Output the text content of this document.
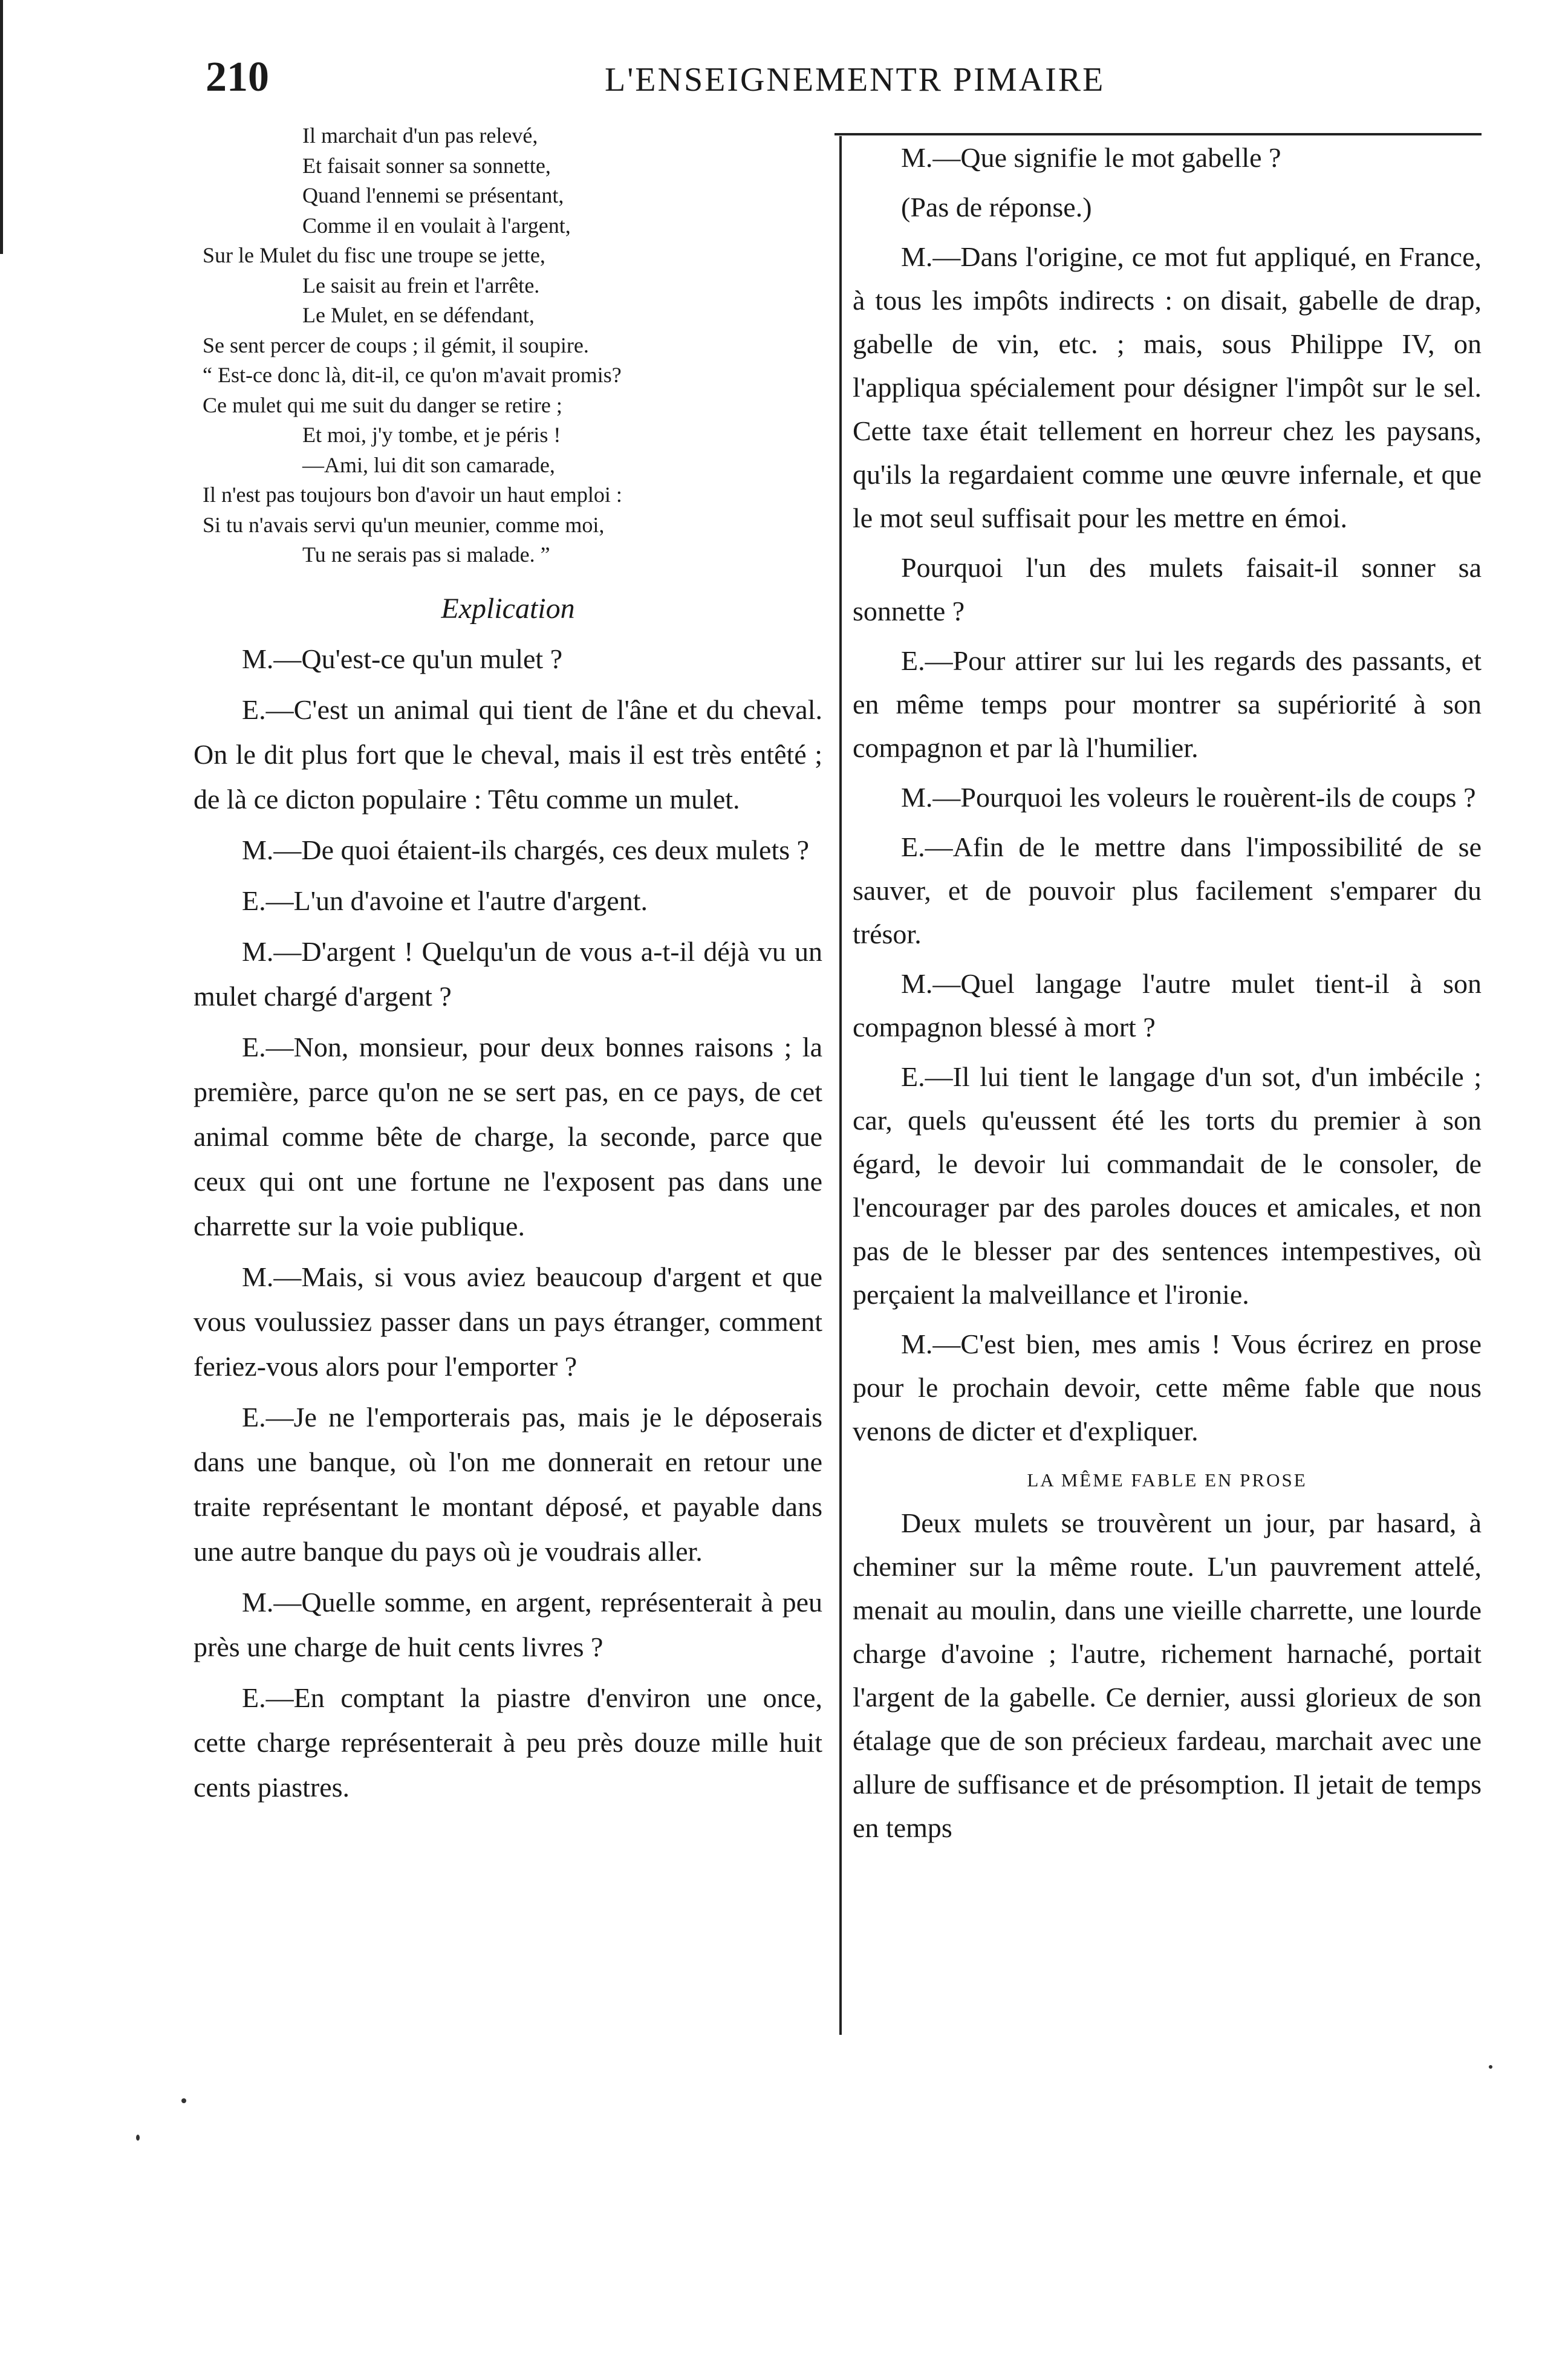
210	L'ENSEIGNEMENTR PIMAIRE
Il marchait d'un pas relevé,
Et faisait sonner sa sonnette,
Quand l'ennemi se présentant,
Comme il en voulait à l'argent,
Sur le Mulet du fisc une troupe se jette,
Le saisit au frein et l'arrête.
Le Mulet, en se défendant,
Se sent percer de coups ; il gémit, il soupire.
“ Est-ce donc là, dit-il, ce qu'on m'avait promis?
Ce mulet qui me suit du danger se retire ;
Et moi, j'y tombe, et je péris !
—Ami, lui dit son camarade,
Il n'est pas toujours bon d'avoir un haut emploi :
Si tu n'avais servi qu'un meunier, comme moi,
Tu ne serais pas si malade. ”
Explication

M.—Qu'est-ce qu'un mulet ?

E.—C'est un animal qui tient de l'âne et du cheval. On le dit plus fort que le cheval, mais il est très entêté ; de là ce dicton populaire : Têtu comme un mulet.

M.—De quoi étaient-ils chargés, ces deux mulets ?

E.—L'un d'avoine et l'autre d'argent.

M.—D'argent ! Quelqu'un de vous a-t-il déjà vu un mulet chargé d'argent ?

E.—Non, monsieur, pour deux bonnes raisons ; la première, parce qu'on ne se sert pas, en ce pays, de cet animal comme bête de charge, la seconde, parce que ceux qui ont une fortune ne l'exposent pas dans une charrette sur la voie publique.

M.—Mais, si vous aviez beaucoup d'argent et que vous voulussiez passer dans un pays étranger, comment feriez-vous alors pour l'emporter ?

E.—Je ne l'emporterais pas, mais je le déposerais dans une banque, où l'on me donnerait en retour une traite représentant le montant déposé, et payable dans une autre banque du pays où je voudrais aller.

M.—Quelle somme, en argent, représenterait à peu près une charge de huit cents livres ?

E.—En comptant la piastre d'environ une once, cette charge représenterait à peu près douze mille huit cents piastres.

M.—Que signifie le mot gabelle ?

(Pas de réponse.)

M.—Dans l'origine, ce mot fut appliqué, en France, à tous les impôts indirects : on disait, gabelle de drap, gabelle de vin, etc. ; mais, sous Philippe IV, on l'appliqua spécialement pour désigner l'impôt sur le sel. Cette taxe était tellement en horreur chez les paysans, qu'ils la regardaient comme une œuvre infernale, et que le mot seul suffisait pour les mettre en émoi.

Pourquoi l'un des mulets faisait-il sonner sa sonnette ?

E.—Pour attirer sur lui les regards des passants, et en même temps pour montrer sa supériorité à son compagnon et par là l'humilier.

M.—Pourquoi les voleurs le rouèrent-ils de coups ?

E.—Afin de le mettre dans l'impossibilité de se sauver, et de pouvoir plus facilement s'emparer du trésor.

M.—Quel langage l'autre mulet tient-il à son compagnon blessé à mort ?

E.—Il lui tient le langage d'un sot, d'un imbécile ; car, quels qu'eussent été les torts du premier à son égard, le devoir lui commandait de le consoler, de l'encourager par des paroles douces et amicales, et non pas de le blesser par des sentences intempestives, où perçaient la malveillance et l'ironie.

M.—C'est bien, mes amis ! Vous écrirez en prose pour le prochain devoir, cette même fable que nous venons de dicter et d'expliquer.

LA MÊME FABLE EN PROSE

Deux mulets se trouvèrent un jour, par hasard, à cheminer sur la même route. L'un pauvrement attelé, menait au moulin, dans une vieille charrette, une lourde charge d'avoine ; l'autre, richement harnaché, portait l'argent de la gabelle. Ce dernier, aussi glorieux de son étalage que de son précieux fardeau, marchait avec une allure de suffisance et de présomption. Il jetait de temps en temps
